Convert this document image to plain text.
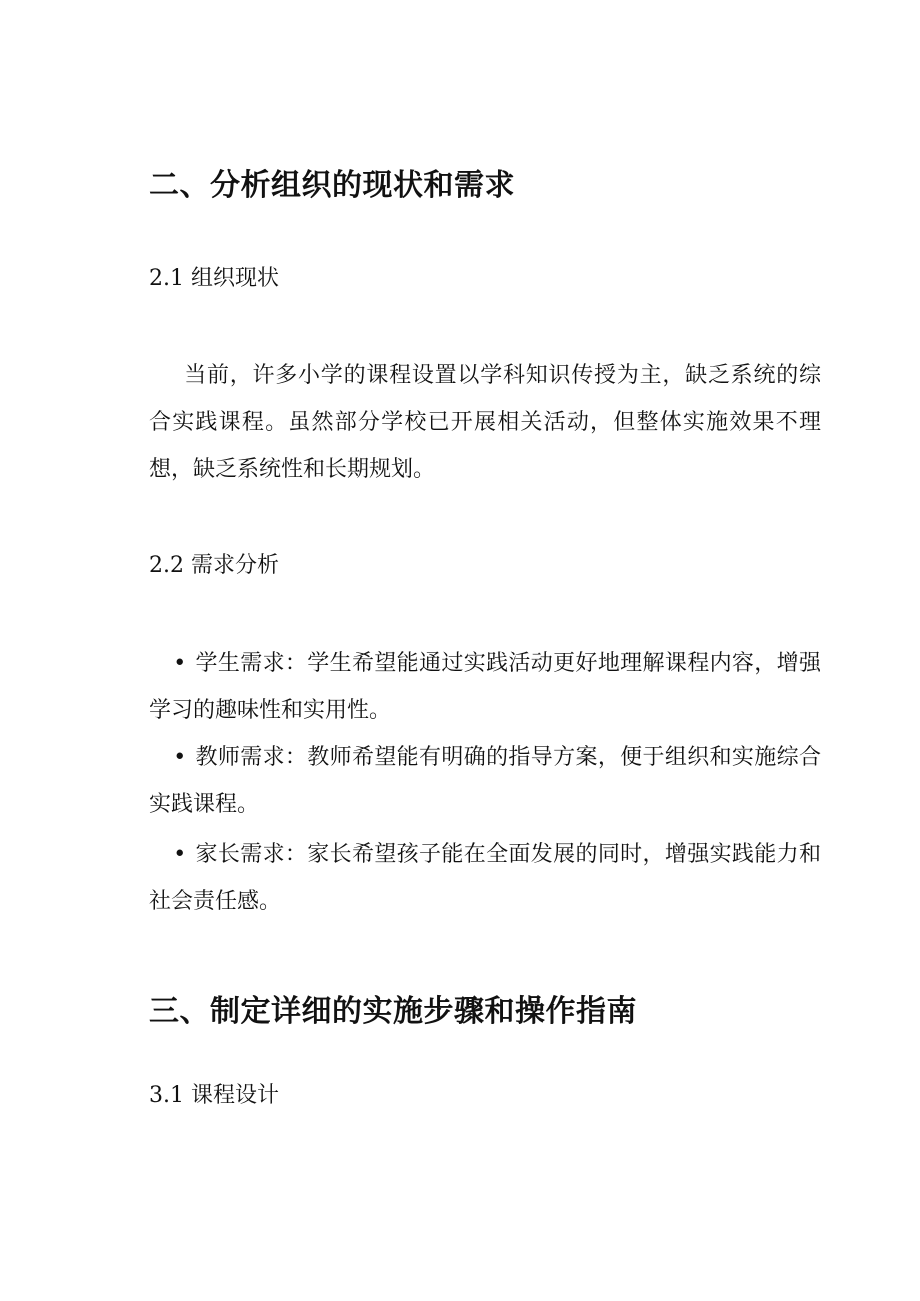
二、分析组织的现状和需求
2.1 组织现状

当前，许多小学的课程设置以学科知识传授为主，缺乏系统的综合实践课程。虽然部分学校已开展相关活动，但整体实施效果不理想，缺乏系统性和长期规划。

2.2 需求分析

• 学生需求：学生希望能通过实践活动更好地理解课程内容，增强学习的趣味性和实用性。

• 教师需求：教师希望能有明确的指导方案，便于组织和实施综合实践课程。

• 家长需求：家长希望孩子能在全面发展的同时，增强实践能力和社会责任感。

三、制定详细的实施步骤和操作指南
3.1 课程设计
